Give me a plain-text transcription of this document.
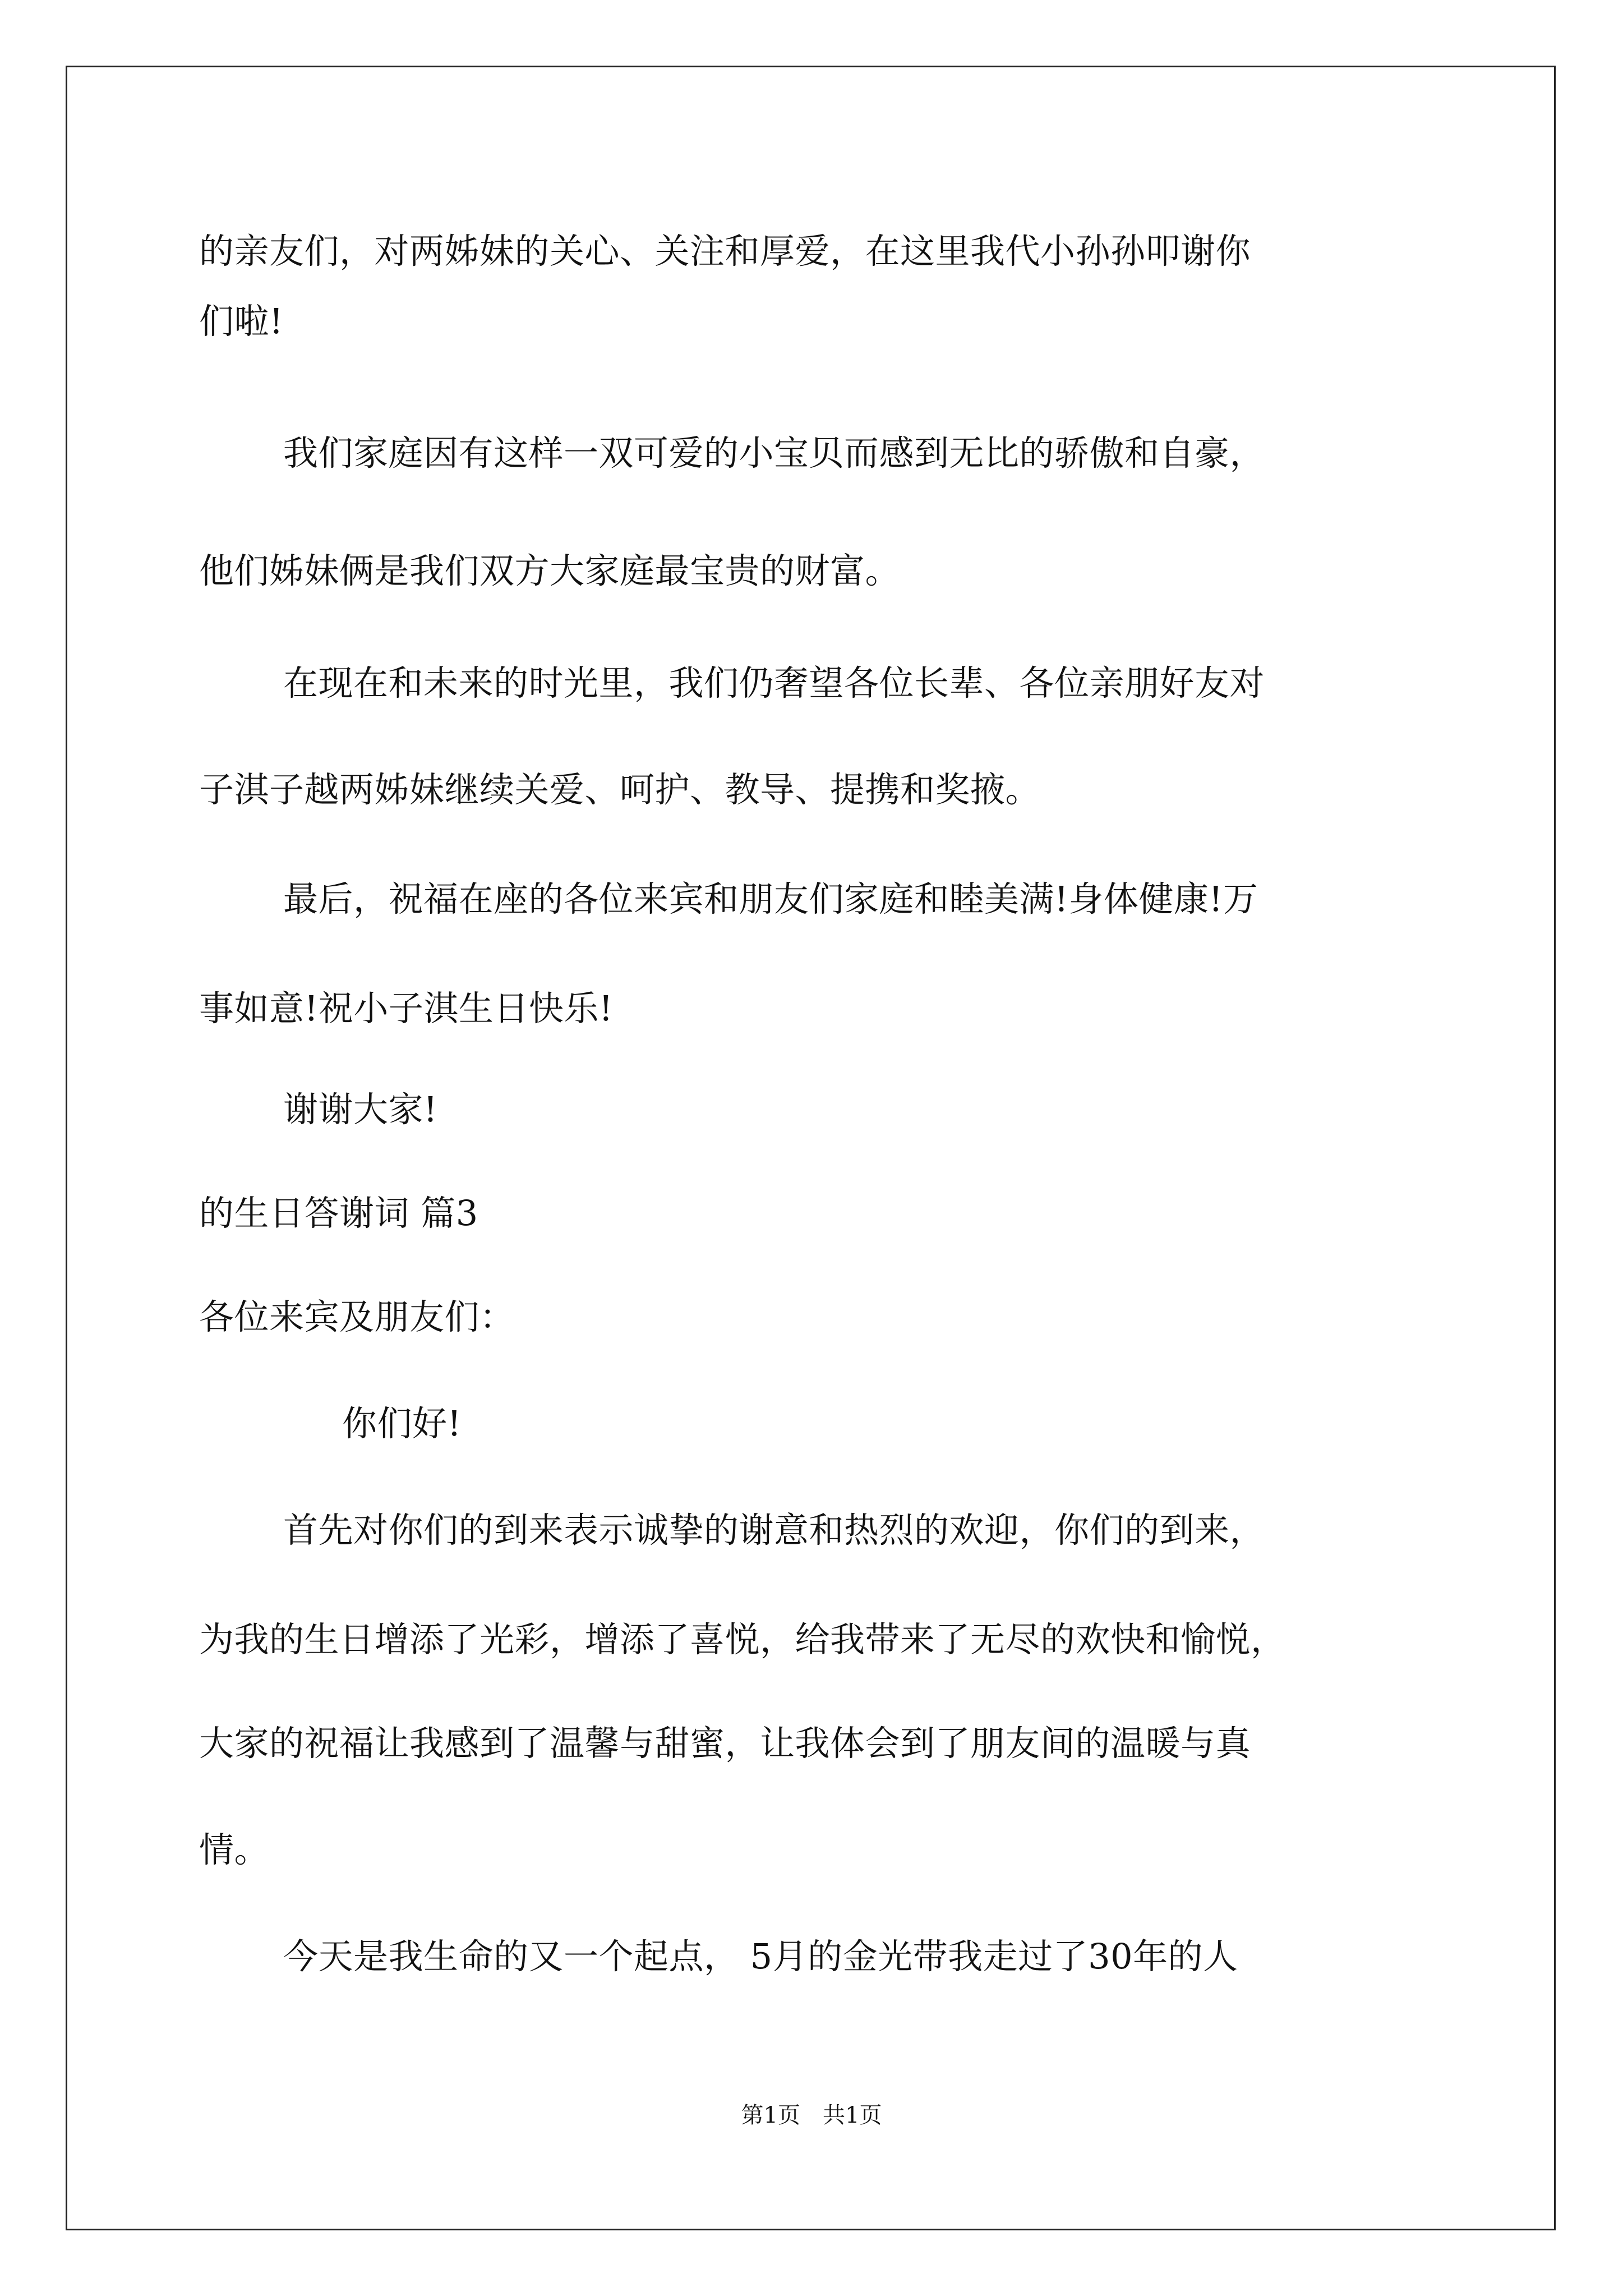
的亲友们，对两姊妹的关心、关注和厚爱，在这里我代小孙孙叩谢你
们啦!
我们家庭因有这样一双可爱的小宝贝而感到无比的骄傲和自豪，
他们姊妹俩是我们双方大家庭最宝贵的财富。
在现在和未来的时光里，我们仍奢望各位长辈、各位亲朋好友对
子淇子越两姊妹继续关爱、呵护、教导、提携和奖掖。
最后，祝福在座的各位来宾和朋友们家庭和睦美满!身体健康!万
事如意!祝小子淇生日快乐!
谢谢大家!
的生日答谢词 篇3
各位来宾及朋友们：
你们好!
首先对你们的到来表示诚挚的谢意和热烈的欢迎，你们的到来，
为我的生日增添了光彩，增添了喜悦，给我带来了无尽的欢快和愉悦，
大家的祝福让我感到了温馨与甜蜜，让我体会到了朋友间的温暖与真
情。
今天是我生命的又一个起点， 5月的金光带我走过了30年的人
第1页　共1页
